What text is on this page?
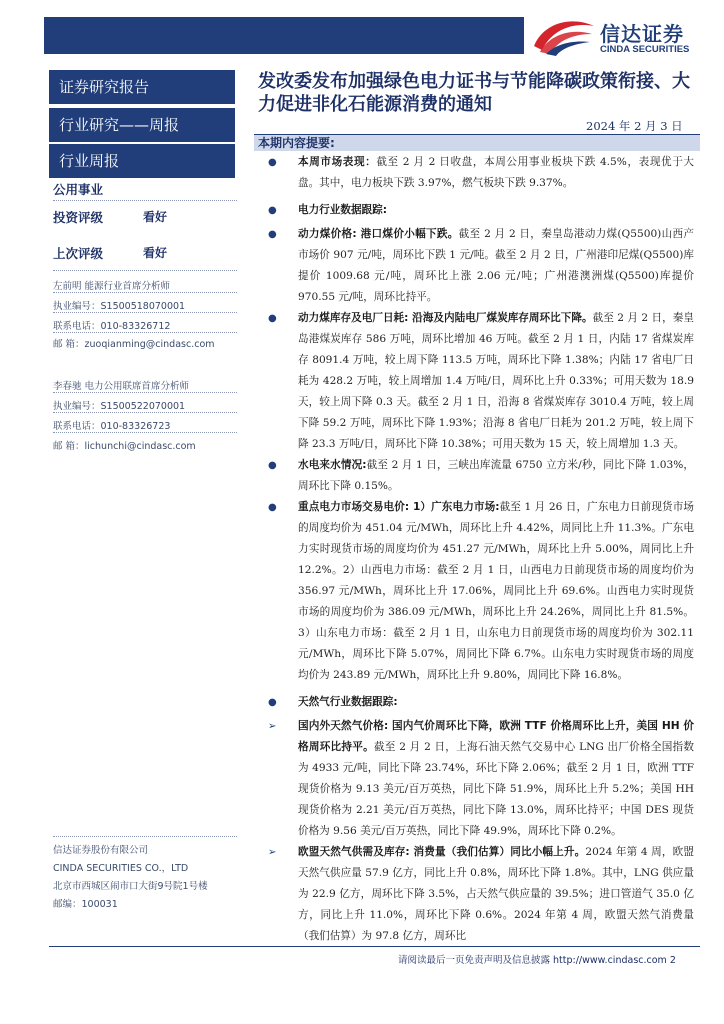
信达证券
CINDA SECURITIES
证券研究报告
行业研究——周报
行业周报
公用事业
投资评级	看好
上次评级	看好
左前明 能源行业首席分析师
执业编号：S1500518070001
联系电话：010-83326712
邮 箱：zuoqianming@cindasc.com
李春驰 电力公用联席首席分析师
执业编号：S1500522070001
联系电话：010-83326723
邮 箱：lichunchi@cindasc.com
信达证券股份有限公司
CINDA SECURITIES CO.，LTD
北京市西城区闹市口大街9号院1号楼
邮编：100031
发改委发布加强绿色电力证书与节能降碳政策衔接、大力促进非化石能源消费的通知
2024 年 2 月 3 日
本期内容提要:

● 本周市场表现：截至 2 月 2 日收盘，本周公用事业板块下跌 4.5%，表现优于大盘。其中，电力板块下跌 3.97%，燃气板块下跌 9.37%。

● 电力行业数据跟踪:

● 动力煤价格: 港口煤价小幅下跌。截至 2 月 2 日，秦皇岛港动力煤(Q5500)山西产市场价 907 元/吨，周环比下跌 1 元/吨。截至 2 月 2 日，广州港印尼煤(Q5500)库提价 1009.68 元/吨，周环比上涨 2.06 元/吨；广州港澳洲煤(Q5500)库提价 970.55 元/吨，周环比持平。

● 动力煤库存及电厂日耗: 沿海及内陆电厂煤炭库存周环比下降。截至 2 月 2 日，秦皇岛港煤炭库存 586 万吨，周环比增加 46 万吨。截至 2 月 1 日，内陆 17 省煤炭库存 8091.4 万吨，较上周下降 113.5 万吨，周环比下降 1.38%；内陆 17 省电厂日耗为 428.2 万吨，较上周增加 1.4 万吨/日，周环比上升 0.33%；可用天数为 18.9 天，较上周下降 0.3 天。截至 2 月 1 日，沿海 8 省煤炭库存 3010.4 万吨，较上周下降 59.2 万吨，周环比下降 1.93%；沿海 8 省电厂日耗为 201.2 万吨，较上周下降 23.3 万吨/日，周环比下降 10.38%；可用天数为 15 天，较上周增加 1.3 天。

● 水电来水情况:截至 2 月 1 日，三峡出库流量 6750 立方米/秒，同比下降 1.03%，周环比下降 0.15%。

● 重点电力市场交易电价: 1）广东电力市场:截至 1 月 26 日，广东电力日前现货市场的周度均价为 451.04 元/MWh，周环比上升 4.42%，周同比上升 11.3%。广东电力实时现货市场的周度均价为 451.27 元/MWh，周环比上升 5.00%，周同比上升 12.2%。2）山西电力市场：截至 2 月 1 日，山西电力日前现货市场的周度均价为 356.97 元/MWh，周环比上升 17.06%，周同比上升 69.6%。山西电力实时现货市场的周度均价为 386.09 元/MWh，周环比上升 24.26%，周同比上升 81.5%。3）山东电力市场：截至 2 月 1 日，山东电力日前现货市场的周度均价为 302.11 元/MWh，周环比下降 5.07%，周同比下降 6.7%。山东电力实时现货市场的周度均价为 243.89 元/MWh，周环比上升 9.80%，周同比下降 16.8%。

● 天然气行业数据跟踪:

➢ 国内外天然气价格: 国内气价周环比下降，欧洲 TTF 价格周环比上升，美国 HH 价格周环比持平。截至 2 月 2 日，上海石油天然气交易中心 LNG 出厂价格全国指数为 4933 元/吨，同比下降 23.74%，环比下降 2.06%；截至 2 月 1 日，欧洲 TTF 现货价格为 9.13 美元/百万英热，同比下降 51.9%，周环比上升 5.2%；美国 HH 现货价格为 2.21 美元/百万英热，同比下降 13.0%，周环比持平；中国 DES 现货价格为 9.56 美元/百万英热，同比下降 49.9%，周环比下降 0.2%。

➢ 欧盟天然气供需及库存: 消费量（我们估算）同比小幅上升。2024 年第 4 周，欧盟天然气供应量 57.9 亿方，同比上升 0.8%，周环比下降 1.8%。其中，LNG 供应量为 22.9 亿方，周环比下降 3.5%，占天然气供应量的 39.5%；进口管道气 35.0 亿方，同比上升 11.0%，周环比下降 0.6%。2024 年第 4 周，欧盟天然气消费量（我们估算）为 97.8 亿方，周环比

请阅读最后一页免责声明及信息披露 http://www.cindasc.com 2
